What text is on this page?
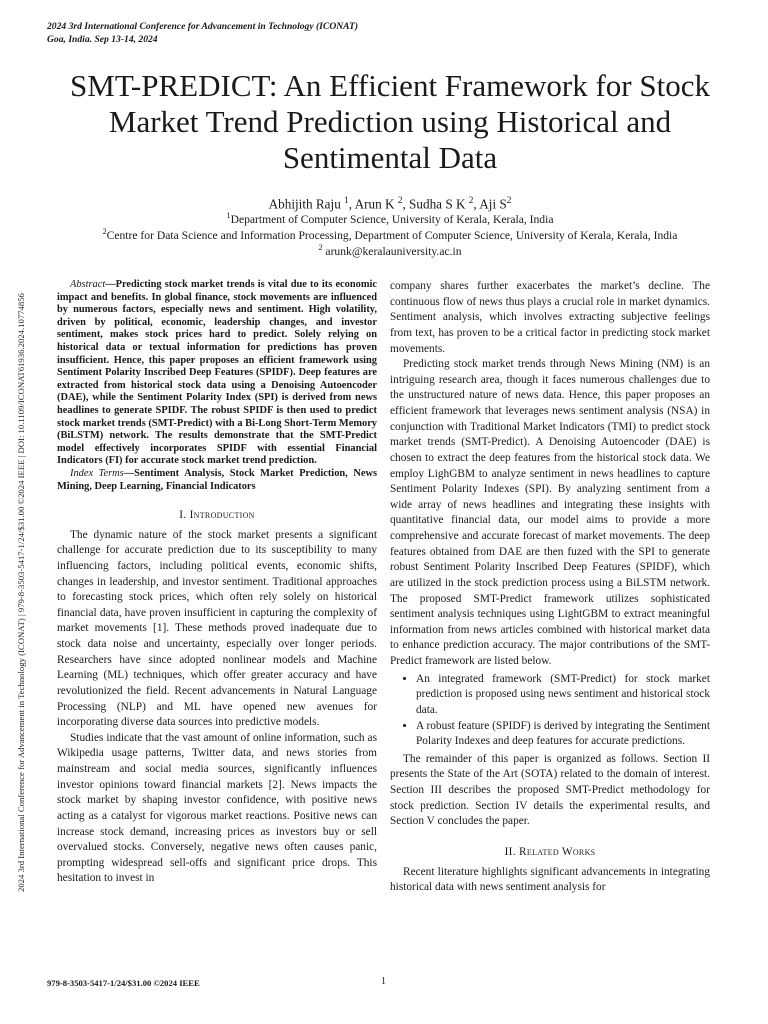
2024 3rd International Conference for Advancement in Technology (ICONAT)
Goa, India. Sep 13-14, 2024
2024 3rd International Conference for Advancement in Technology (ICONAT) | 979-8-3503-5417-1/24/$31.00 ©2024 IEEE | DOI: 10.1109/ICONAT61936.2024.10774856
SMT-PREDICT: An Efficient Framework for Stock
Market Trend Prediction using Historical and
Sentimental Data
Abhijith Raju $^1$, Arun K $^2$, Sudha S K $^2$, Aji $S^2$
$^1$Department of Computer Science, University of Kerala, Kerala, India
$^2$Centre for Data Science and Information Processing, Department of Computer Science, University of Kerala, Kerala, India
$^2$ arunk@keralauniversity.ac.in

Abstract—Predicting stock market trends is vital due to its economic impact and benefits. In global finance, stock movements are influenced by numerous factors, especially news and sentiment. High volatility, driven by political, economic, leadership changes, and investor sentiment, makes stock prices hard to predict. Solely relying on historical data or textual information for predictions has proven insufficient. Hence, this paper proposes an efficient framework using Sentiment Polarity Inscribed Deep Features (SPIDF). Deep features are extracted from historical stock data using a Denoising Autoencoder (DAE), while the Sentiment Polarity Index (SPI) is derived from news headlines to generate SPIDF. The robust SPIDF is then used to predict stock market trends (SMT-Predict) with a Bi-Long Short-Term Memory (BiLSTM) network. The results demonstrate that the SMT-Predict model effectively incorporates SPIDF with essential Financial Indicators (FI) for accurate stock market trend prediction.

Index Terms—Sentiment Analysis, Stock Market Prediction, News Mining, Deep Learning, Financial Indicators

I. Introduction

The dynamic nature of the stock market presents a significant challenge for accurate prediction due to its susceptibility to many influencing factors, including political events, economic shifts, changes in leadership, and investor sentiment. Traditional approaches to forecasting stock prices, which often rely solely on historical financial data, have proven insufficient in capturing the complexity of market movements [1]. These methods proved inadequate due to stock data noise and uncertainty, especially over longer periods. Researchers have since adopted nonlinear models and Machine Learning (ML) techniques, which offer greater accuracy and have revolutionized the field. Recent advancements in Natural Language Processing (NLP) and ML have opened new avenues for incorporating diverse data sources into predictive models.

Studies indicate that the vast amount of online information, such as Wikipedia usage patterns, Twitter data, and news stories from mainstream and social media sources, significantly influences investor opinions toward financial markets [2]. News impacts the stock market by shaping investor confidence, with positive news acting as a catalyst for vigorous market reactions. Positive news can increase stock demand, increasing prices as investors buy or sell overvalued stocks. Conversely, negative news often causes panic, prompting widespread sell-offs and significant price drops. This hesitation to invest in

company shares further exacerbates the market’s decline. The continuous flow of news thus plays a crucial role in market dynamics. Sentiment analysis, which involves extracting subjective feelings from text, has proven to be a critical factor in predicting stock market movements.

Predicting stock market trends through News Mining (NM) is an intriguing research area, though it faces numerous challenges due to the unstructured nature of news data. Hence, this paper proposes an efficient framework that leverages news sentiment analysis (NSA) in conjunction with Traditional Market Indicators (TMI) to predict stock market trends (SMT-Predict). A Denoising Autoencoder (DAE) is chosen to extract the deep features from the historical stock data. We employ LighGBM to analyze sentiment in news headlines to capture Sentiment Polarity Indexes (SPI). By analyzing sentiment from a wide array of news headlines and integrating these insights with quantitative financial data, our model aims to provide a more comprehensive and accurate forecast of market movements. The deep features obtained from DAE are then fuzed with the SPI to generate robust Sentiment Polarity Inscribed Deep Features (SPIDF), which are utilized in the stock prediction process using a BiLSTM network. The proposed SMT-Predict framework utilizes sophisticated sentiment analysis techniques using LightGBM to extract meaningful information from news articles combined with historical market data to enhance prediction accuracy. The major contributions of the SMT-Predict framework are listed below.

• An integrated framework (SMT-Predict) for stock market prediction is proposed using news sentiment and historical stock data.
• A robust feature (SPIDF) is derived by integrating the Sentiment Polarity Indexes and deep features for accurate predictions.

The remainder of this paper is organized as follows. Section II presents the State of the Art (SOTA) related to the domain of interest. Section III describes the proposed SMT-Predict methodology for stock prediction. Section IV details the experimental results, and Section V concludes the paper.

II. Related Works

Recent literature highlights significant advancements in integrating historical data with news sentiment analysis for

979-8-3503-5417-1/24/$31.00 ©2024 IEEE	1
